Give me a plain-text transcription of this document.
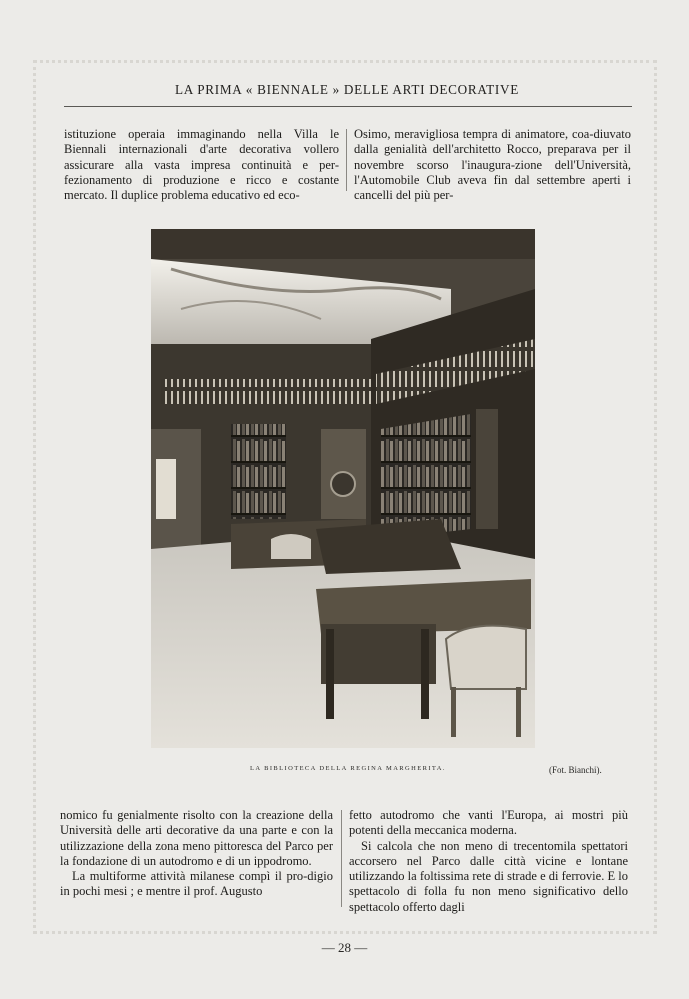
LA PRIMA « BIENNALE » DELLE ARTI DECORATIVE

istituzione operaia immaginando nella Villa le Biennali internazionali d'arte decorativa vollero assicurare alla vasta impresa continuità e per-fezionamento di produzione e ricco e costante mercato. Il duplice problema educativo ed eco-

Osimo, meravigliosa tempra di animatore, coa-diuvato dalla genialità dell'architetto Rocco, preparava per il novembre scorso l'inaugura-zione dell'Università, l'Automobile Club aveva fin dal settembre aperti i cancelli del più per-

LA BIBLIOTECA DELLA REGINA MARGHERITA.	(Fot. Bianchi).

nomico fu genialmente risolto con la creazione della Università delle arti decorative da una parte e con la utilizzazione della zona meno pittoresca del Parco per la fondazione di un autodromo e di un ippodromo.

La multiforme attività milanese compì il pro-digio in pochi mesi ; e mentre il prof. Augusto

fetto autodromo che vanti l'Europa, ai mostri più potenti della meccanica moderna.

Si calcola che non meno di trecentomila spettatori accorsero nel Parco dalle città vicine e lontane utilizzando la foltissima rete di strade e di ferrovie. E lo spettacolo di folla fu non meno significativo dello spettacolo offerto dagli

— 28 —
